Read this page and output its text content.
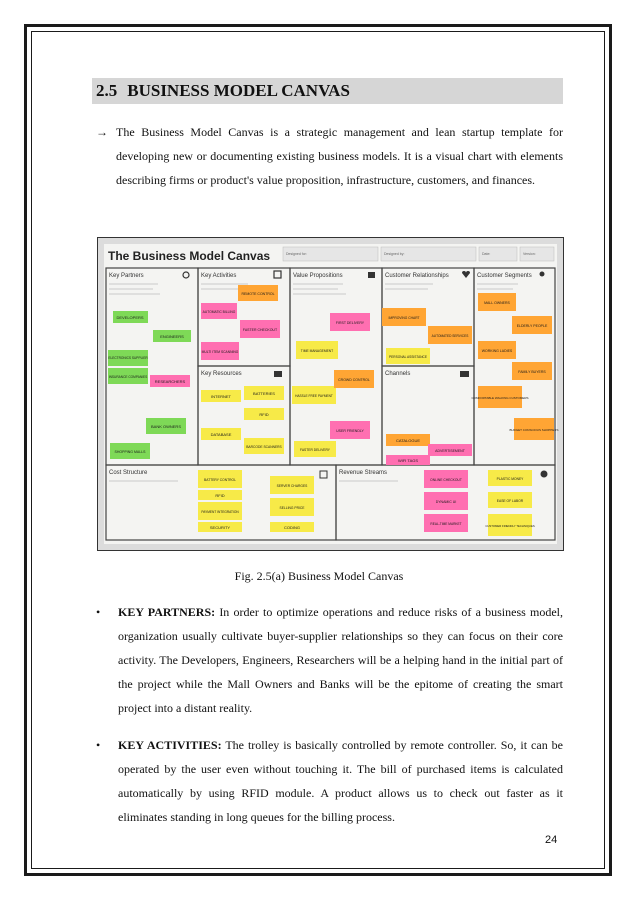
2.5 BUSINESS MODEL CANVAS
→ The Business Model Canvas is a strategic management and lean startup template for developing new or documenting existing business models. It is a visual chart with elements describing firms or product's value proposition, infrastructure, customers, and finances.

The Business Model Canvas	Designed for:	Designed by:	Date:	Version:
Key Partners	Key Activities
Key Resources
Value Propositions	Customer Relationships
Channels
Customer Segments
Cost Structure	Revenue Streams
DEVELOPERS
ENGINEERS
ELECTRONICS SUPPLIER
RESEARCHERS
INSURANCE COMPANIES
BANK OWNERS
SHOPPING MALLS
REMOTE CONTROL
AUTOMATIC BILLING
FASTER CHECKOUT
MULTI ITEM SCANNING
INTERNET
BATTERIES
RFID
DATABASE
BARCODE SCANNERS
FIRST DELIVERY
TIME MANAGEMENT
HASSLE FREE PAYMENT
CROWD CONTROL
USER FRIENDLY
FASTER DELIVERY
IMPROVING CHART
AUTOMATED SERVICES
PERSONAL ASSISTANCE
CATALOGUE
ADVERTISEMENT
WIFI TAGS
MALL OWNERS
ELDERLY PEOPLE
WORKING LADIES
FAMILY BUYERS
COMFORTABLE WALKING CUSTOMERS
BUDGET CONSCIOUS SHOPPERS
BATTERY CONTROL
RFID
PAYMENT INTEGRATION
SECURITY
SERVER CHARGES
SELLING PRICE
CODING
ONLINE CHECKOUT
DYNAMIC UI
REAL-TIME MARKET
PLASTIC MONEY
EASE OF LABOR
CUSTOMER FRIENDLY TECHNIQUES
Fig. 2.5(a) Business Model Canvas
•	KEY PARTNERS: In order to optimize operations and reduce risks of a business model, organization usually cultivate buyer-supplier relationships so they can focus on their core activity. The Developers, Engineers, Researchers will be a helping hand in the initial part of the project while the Mall Owners and Banks will be the epitome of creating the smart project into a distant reality.
•	KEY ACTIVITIES: The trolley is basically controlled by remote controller. So, it can be operated by the user even without touching it. The bill of purchased items is calculated automatically by using RFID module. A product allows us to check out faster as it eliminates standing in long queues for the billing process.
24
